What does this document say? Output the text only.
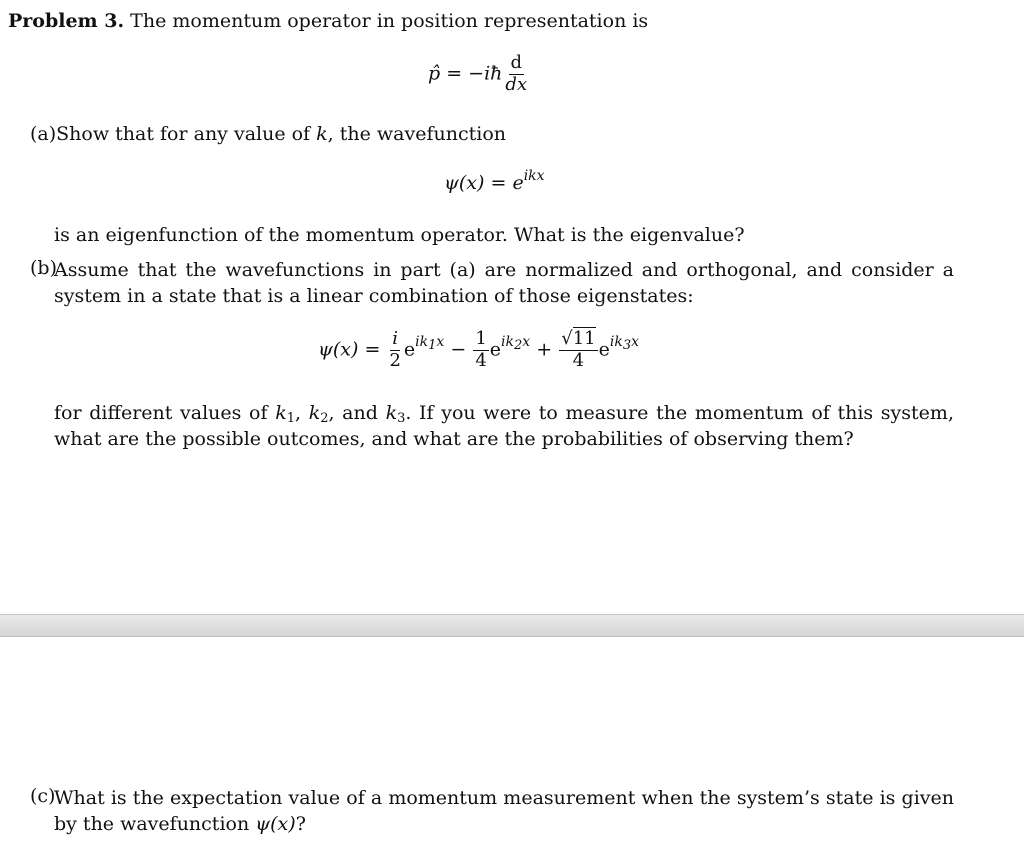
Problem 3. The momentum operator in position representation is
p̂ = −iħ $\frac{d}{dx}$
(a)Show that for any value of k, the wavefunction
$\psi(x) = e^{ikx}$
is an eigenfunction of the momentum operator. What is the eigenvalue?
(b)
Assume that the wavefunctions in part (a) are normalized and orthogonal, and consider a system in a state that is a linear combination of those eigenstates:
$\psi(x) = \frac{i}{2} e^{ik_1x} - \frac{1}{4} e^{ik_2x} + \frac{√11}{4} e^{ik_3x}$
for different values of $k_1$, $k_2$, and $k_3$. If you were to measure the momentum of this system, what are the possible outcomes, and what are the probabilities of observing them?
(c)
What is the expectation value of a momentum measurement when the system’s state is given by the wavefunction ψ(x)?
